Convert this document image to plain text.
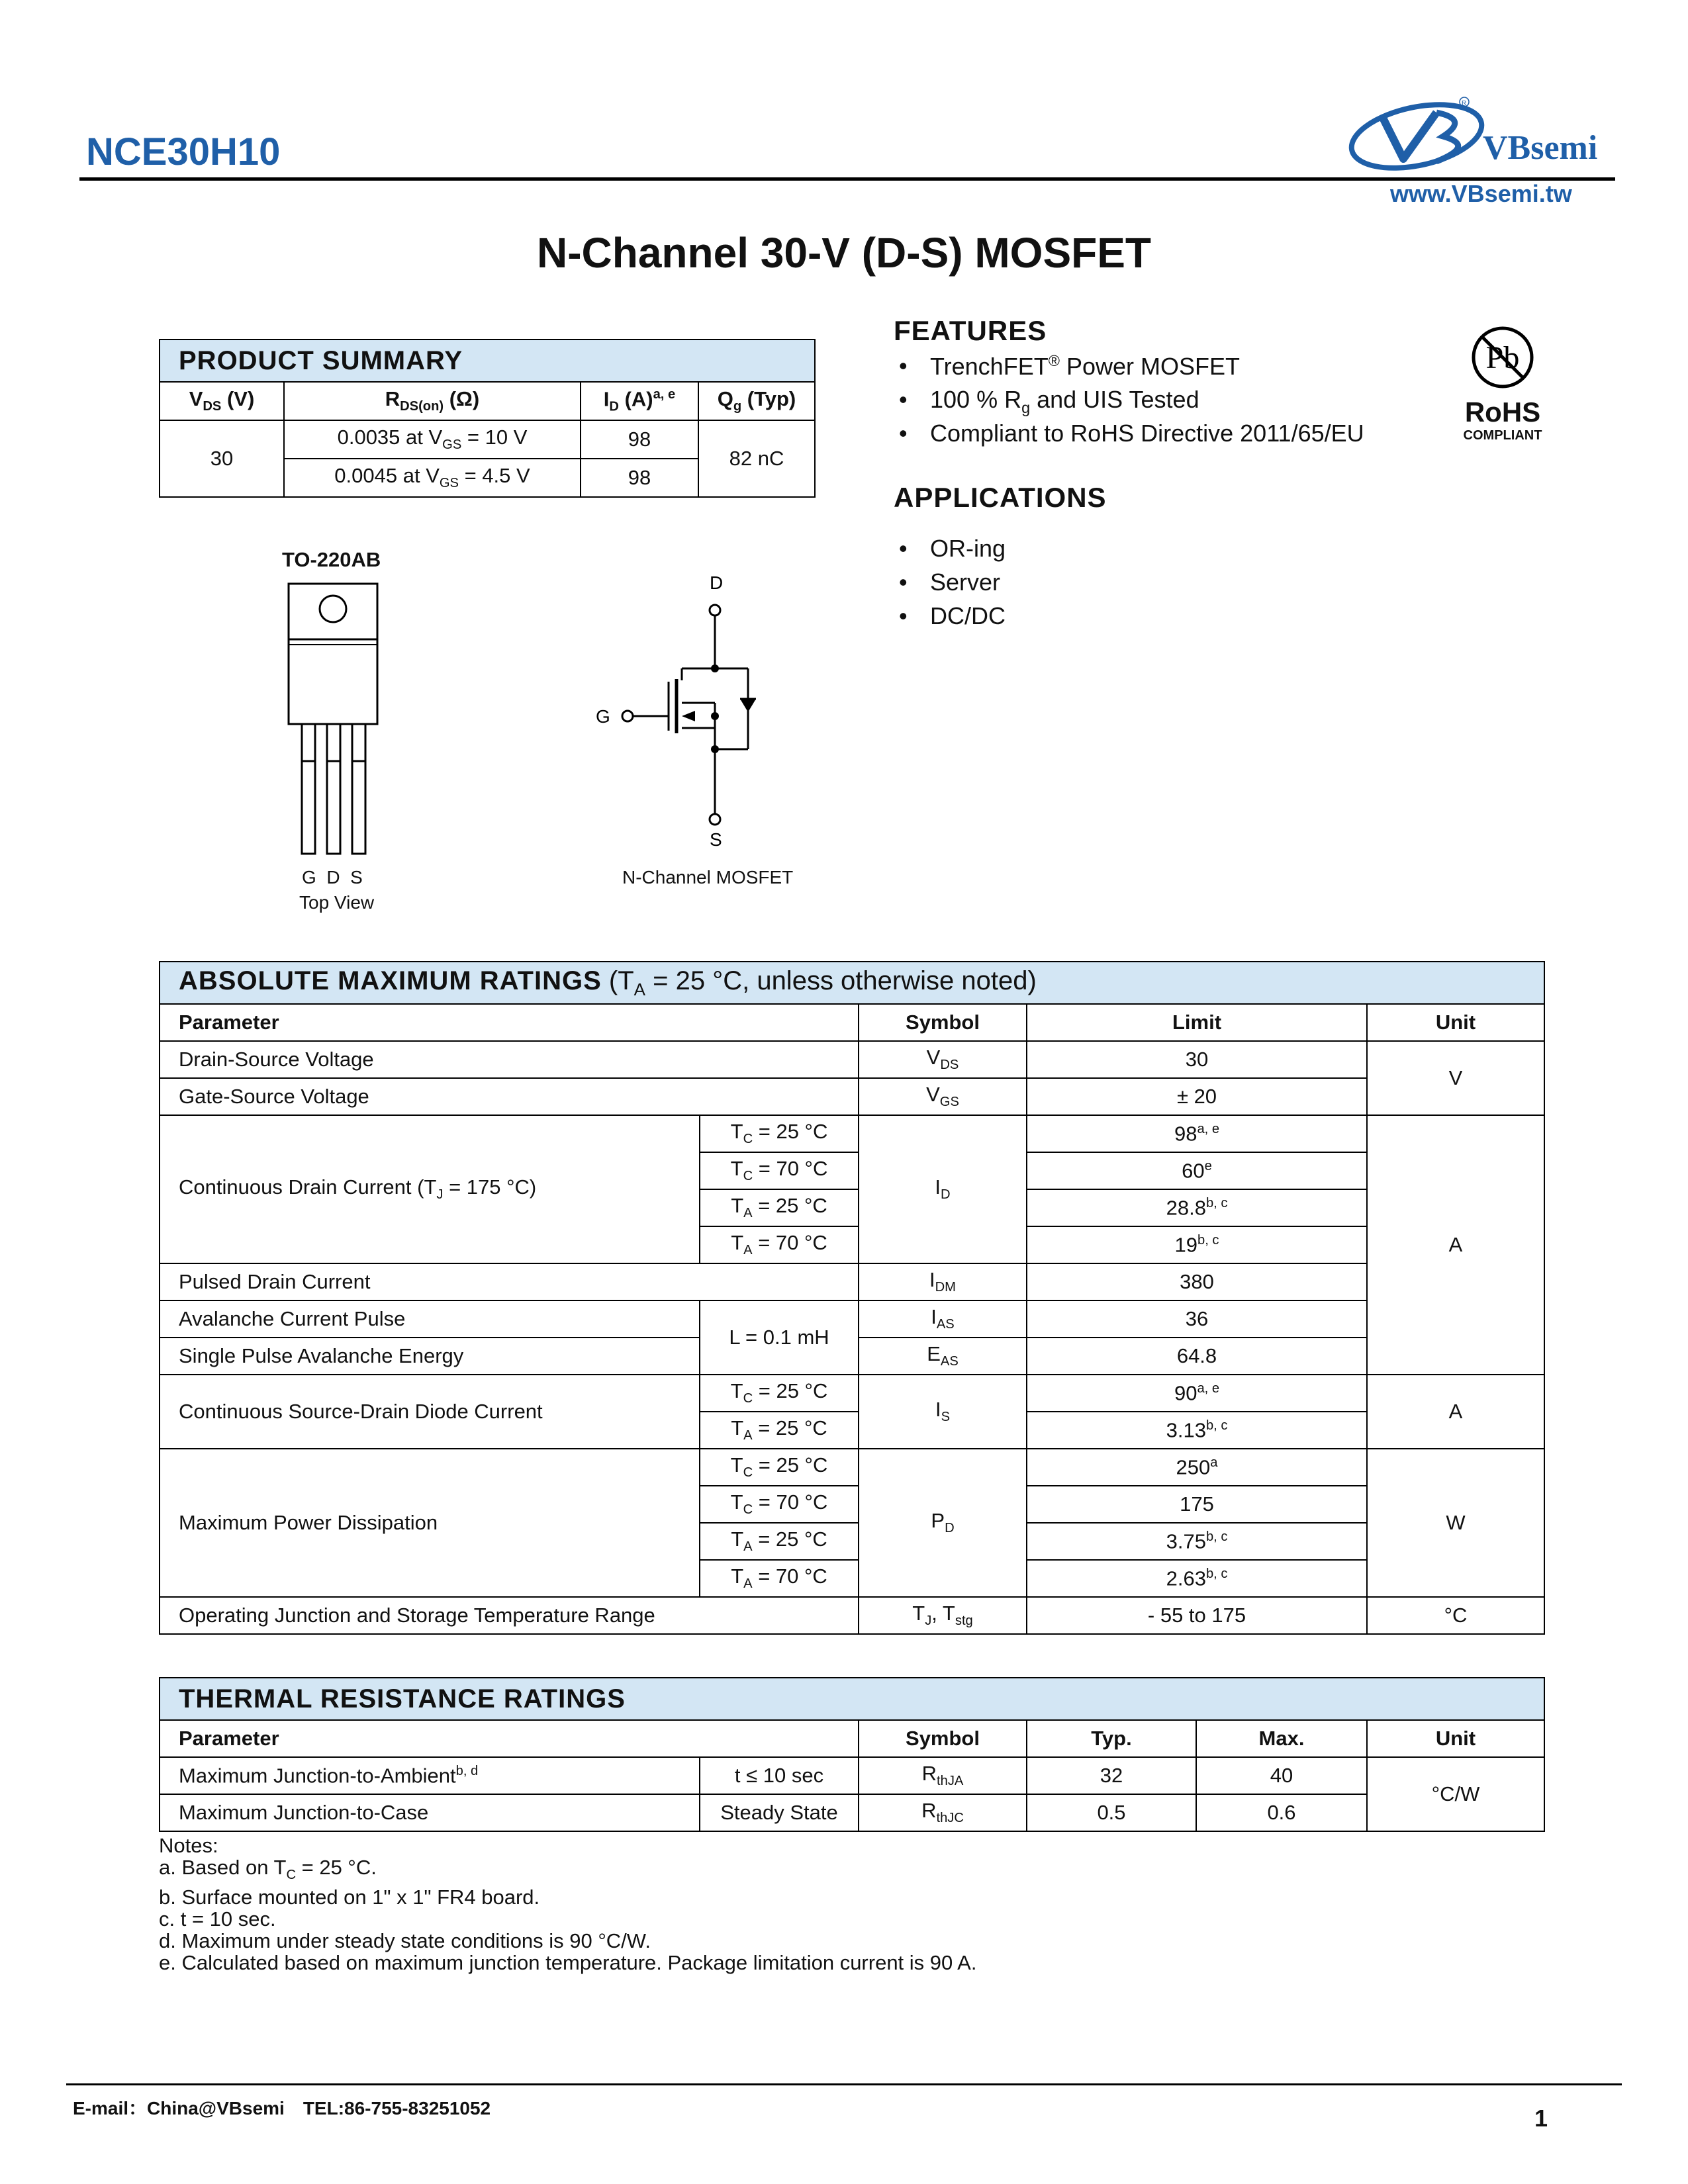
NCE30H10	VBsemi
R
www.VBsemi.tw
N-Channel 30-V (D-S) MOSFET
PRODUCT SUMMARY			
$V_{DS}$ (V)	$R_{DS(on)}$ (Ω)	$I_D$ $(A)^{a, e}$	$Q_g$ (Typ)
30	0.0035 at $V_{GS} = 10$ V	98	82 nC
	0.0045 at $V_{GS} = 4.5$ V	98	
FEATURES
• TrenchFET® Power MOSFET
• 100 % $R_g$ and UIS Tested
• Compliant to RoHS Directive 2011/65/EU
Pb
RoHS
COMPLIANT
APPLICATIONS
• OR-ing
• Server
• DC/DC
TO-220AB
G  D  S
Top View
D
G
S
N-Channel MOSFET
ABSOLUTE MAXIMUM RATINGS ($T_A = 25$ °C, unless otherwise noted)				
Parameter		Symbol	Limit	Unit
Drain-Source Voltage		$V_{DS}$	30	V
Gate-Source Voltage		$V_{GS}$	± 20	
Continuous Drain Current ($T_J = 175$ °C)	$T_C = 25$ °C	$I_D$	98$^{a, e}$	A
	$T_C = 70$ °C		60e
	$T_A = 25$ °C		28.8$^{b, c}$
	$T_A = 70$ °C		19$^{b, c}$
Pulsed Drain Current		$I_{DM}$	380	
Avalanche Current Pulse	L = 0.1 mH	$I_{AS}$	36	
Single Pulse Avalanche Energy		$E_{AS}$	64.8	
Continuous Source-Drain Diode Current	$T_C = 25$ °C	$I_S$	90$^{a, e}$	A
	$T_A = 25$ °C		3.13$^{b, c}$
Maximum Power Dissipation	$T_C = 25$ °C	$P_D$	250$^a$	W
	$T_C = 70$ °C		175	
	$T_A = 25$ °C		3.75$^{b, c}$
	$T_A = 70$ °C		2.63$^{b, c}$
Operating Junction and Storage Temperature Range		$T_J$, $T_{stg}$	- 55 to 175	°C
THERMAL RESISTANCE RATINGS					
Parameter		Symbol	Typ.	Max.	Unit
Maximum Junction-to-Ambient$^{b, d}$	t ≤ 10 sec	$R_{thJA}$	32	40	°C/W
Maximum Junction-to-Case	Steady State	$R_{thJC}$	0.5	0.6	
Notes:
a. Based on $T_C = 25$ °C.
b. Surface mounted on 1" x 1" FR4 board.
c. t = 10 sec.
d. Maximum under steady state conditions is 90 °C/W.
e. Calculated based on maximum junction temperature. Package limitation current is 90 A.
E-mail：China@VBsemi　TEL:86-755-83251052	1
